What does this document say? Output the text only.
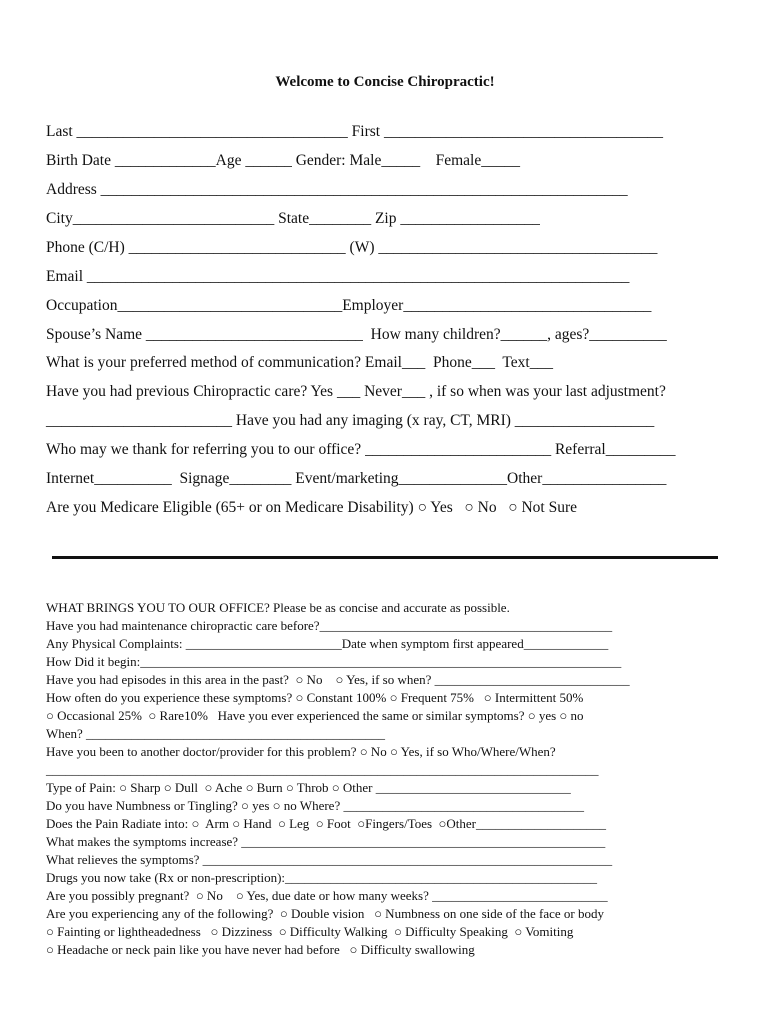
Welcome to Concise Chiropractic!
Last ___________________________________ First ____________________________________
Birth Date _____________Age ______ Gender: Male_____    Female_____
Address ____________________________________________________________________
City__________________________ State________ Zip __________________
Phone (C/H) ____________________________ (W) ____________________________________
Email ______________________________________________________________________
Occupation_____________________________Employer________________________________
Spouse’s Name ____________________________  How many children?______, ages?__________
What is your preferred method of communication? Email___  Phone___  Text___
Have you had previous Chiropractic care? Yes ___ Never___ , if so when was your last adjustment?
________________________ Have you had any imaging (x ray, CT, MRI) __________________
Who may we thank for referring you to our office? ________________________ Referral_________
Internet__________  Signage________ Event/marketing______________Other________________
Are you Medicare Eligible (65+ or on Medicare Disability) ○ Yes   ○ No   ○ Not Sure
WHAT BRINGS YOU TO OUR OFFICE? Please be as concise and accurate as possible.
Have you had maintenance chiropractic care before?_____________________________________________
Any Physical Complaints: ________________________Date when symptom first appeared_____________
How Did it begin:__________________________________________________________________________
Have you had episodes in this area in the past?  ○ No    ○ Yes, if so when? ______________________________
How often do you experience these symptoms? ○ Constant 100% ○ Frequent 75%   ○ Intermittent 50%
○ Occasional 25%  ○ Rare10%   Have you ever experienced the same or similar symptoms? ○ yes ○ no
When? ______________________________________________
Have you been to another doctor/provider for this problem? ○ No ○ Yes, if so Who/Where/When?
_____________________________________________________________________________________
Type of Pain: ○ Sharp ○ Dull  ○ Ache ○ Burn ○ Throb ○ Other ______________________________
Do you have Numbness or Tingling? ○ yes ○ no Where? _____________________________________
Does the Pain Radiate into: ○  Arm ○ Hand  ○ Leg  ○ Foot  ○Fingers/Toes  ○Other____________________
What makes the symptoms increase? ________________________________________________________
What relieves the symptoms? _______________________________________________________________
Drugs you now take (Rx or non-prescription):________________________________________________
Are you possibly pregnant?  ○ No    ○ Yes, due date or how many weeks? ___________________________
Are you experiencing any of the following?  ○ Double vision   ○ Numbness on one side of the face or body
○ Fainting or lightheadedness   ○ Dizziness  ○ Difficulty Walking  ○ Difficulty Speaking  ○ Vomiting
○ Headache or neck pain like you have never had before   ○ Difficulty swallowing
